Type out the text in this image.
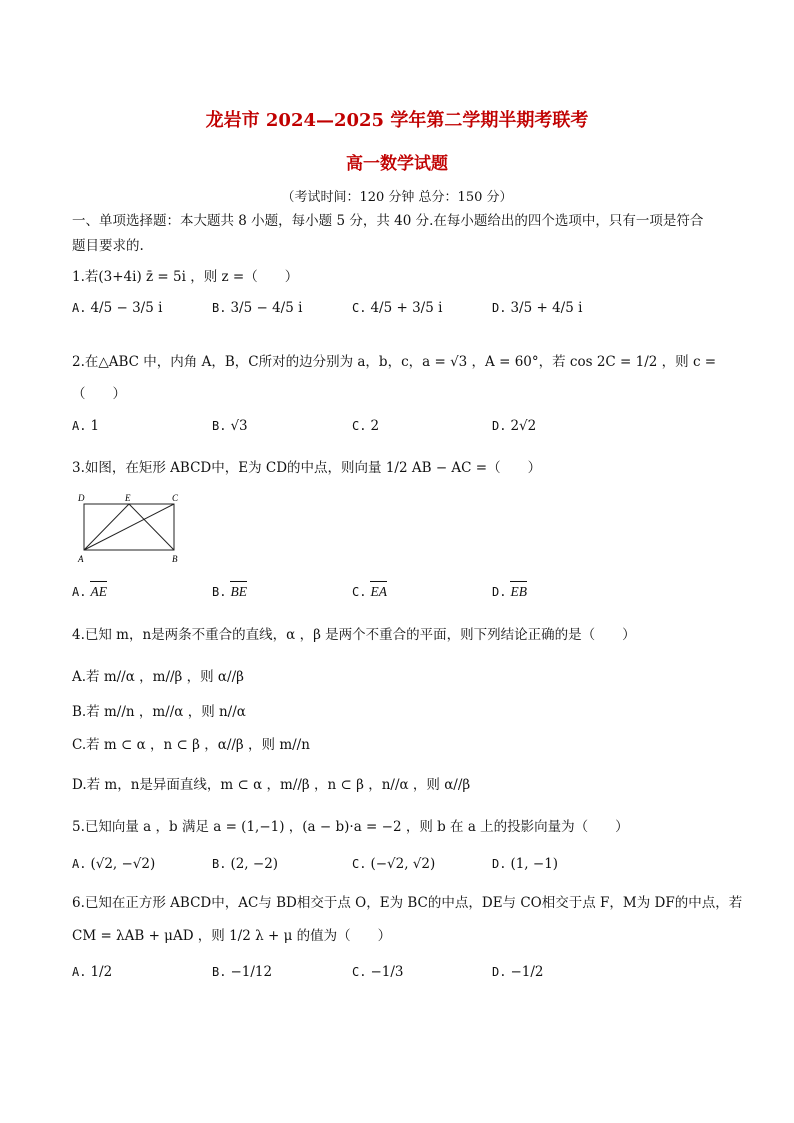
龙岩市 2024—2025 学年第二学期半期考联考
高一数学试题
（考试时间：120 分钟 总分：150 分）
一、单项选择题：本大题共 8 小题，每小题 5 分，共 40 分.在每小题给出的四个选项中，只有一项是符合
题目要求的.
1.若(3+4i) z̄ = 5i ，则 z =（　　）
A. 4/5 − 3/5 i	B. 3/5 − 4/5 i	C. 4/5 + 3/5 i	D. 3/5 + 4/5 i
2.在△ABC 中，内角 A，B，C所对的边分别为 a，b，c，a = √3 ，A = 60°，若 cos 2C = 1/2 ，则 c =
（　　）
A. 1	B. √3	C. 2	D. 2√2
3.如图，在矩形 ABCD中，E为 CD的中点，则向量 1/2 AB − AC =（　　）
D	E	C
A	B
A. AE	B. BE	C. EA	D. EB
4.已知 m，n是两条不重合的直线，α ，β 是两个不重合的平面，则下列结论正确的是（　　）
A.若 m//α ，m//β ，则 α//β
B.若 m//n ，m//α ，则 n//α
C.若 m ⊂ α ，n ⊂ β ，α//β ，则 m//n
D.若 m，n是异面直线，m ⊂ α ，m//β ，n ⊂ β ，n//α ，则 α//β
5.已知向量 a ，b 满足 a = (1,−1) ，(a − b)·a = −2 ，则 b 在 a 上的投影向量为（　　）
A. (√2, −√2)	B. (2, −2)	C. (−√2, √2)	D. (1, −1)
6.已知在正方形 ABCD中，AC与 BD相交于点 O，E为 BC的中点，DE与 CO相交于点 F，M为 DF的中点，若
CM = λAB + μAD ，则 1/2 λ + μ 的值为（　　）
A. 1/2	B. −1/12	C. −1/3	D. −1/2
